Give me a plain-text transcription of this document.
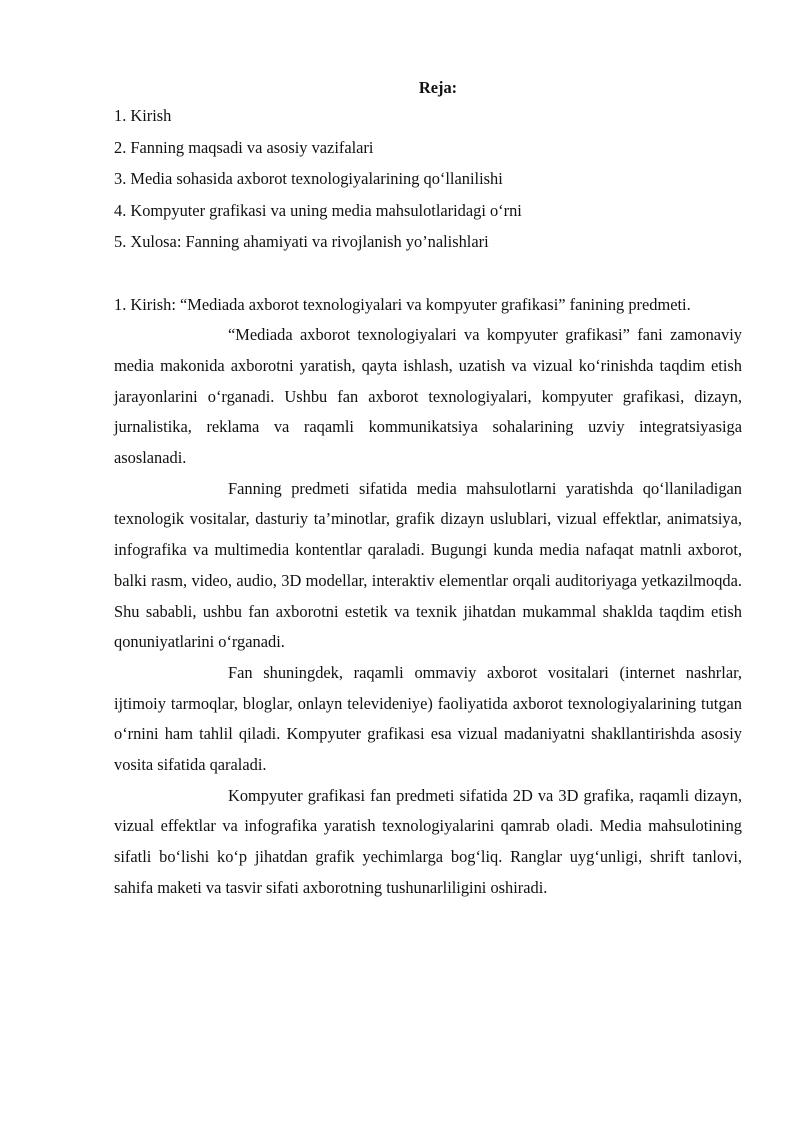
Reja:
1. Kirish
2. Fanning maqsadi va asosiy vazifalari
3. Media sohasida axborot texnologiyalarining qo‘llanilishi
4. Kompyuter grafikasi va uning media mahsulotlaridagi o‘rni
5. Xulosa: Fanning ahamiyati va rivojlanish yo’nalishlari

1. Kirish: “Mediada axborot texnologiyalari va kompyuter grafikasi” fanining predmeti.

“Mediada axborot texnologiyalari va kompyuter grafikasi” fani zamonaviy media makonida axborotni yaratish, qayta ishlash, uzatish va vizual ko‘rinishda taqdim etish jarayonlarini o‘rganadi. Ushbu fan axborot texnologiyalari, kompyuter grafikasi, dizayn, jurnalistika, reklama va raqamli kommunikatsiya sohalarining uzviy integratsiyasiga asoslanadi.

Fanning predmeti sifatida media mahsulotlarni yaratishda qo‘llaniladigan texnologik vositalar, dasturiy ta’minotlar, grafik dizayn uslublari, vizual effektlar, animatsiya, infografika va multimedia kontentlar qaraladi. Bugungi kunda media nafaqat matnli axborot, balki rasm, video, audio, 3D modellar, interaktiv elementlar orqali auditoriyaga yetkazilmoqda. Shu sababli, ushbu fan axborotni estetik va texnik jihatdan mukammal shaklda taqdim etish qonuniyatlarini o‘rganadi.

Fan shuningdek, raqamli ommaviy axborot vositalari (internet nashrlar, ijtimoiy tarmoqlar, bloglar, onlayn televideniye) faoliyatida axborot texnologiyalarining tutgan o‘rnini ham tahlil qiladi. Kompyuter grafikasi esa vizual madaniyatni shakllantirishda asosiy vosita sifatida qaraladi.

Kompyuter grafikasi fan predmeti sifatida 2D va 3D grafika, raqamli dizayn, vizual effektlar va infografika yaratish texnologiyalarini qamrab oladi. Media mahsulotining sifatli bo‘lishi ko‘p jihatdan grafik yechimlarga bog‘liq. Ranglar uyg‘unligi, shrift tanlovi, sahifa maketi va tasvir sifati axborotning tushunarliligini oshiradi.
